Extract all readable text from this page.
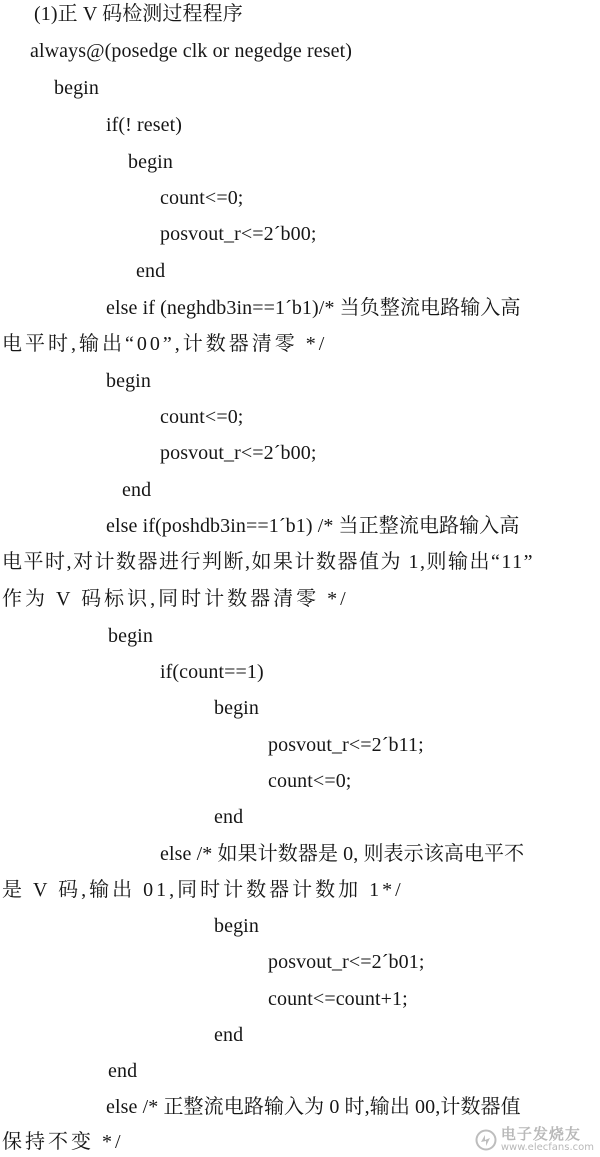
(1)正 V 码检测过程程序
always@(posedge clk or negedge reset)
begin
if(! reset)
begin
count<=0;
posvout_r<=2´b00;
end
else if (neghdb3in==1´b1)/* 当负整流电路输入高
电平时,输出“00”,计数器清零 */
begin
count<=0;
posvout_r<=2´b00;
end
else if(poshdb3in==1´b1) /* 当正整流电路输入高
电平时,对计数器进行判断,如果计数器值为 1,则输出“11”
作为 V 码标识,同时计数器清零 */
begin
if(count==1)
begin
posvout_r<=2´b11;
count<=0;
end
else /* 如果计数器是 0, 则表示该高电平不
是 V 码,输出 01,同时计数器计数加 1*/
begin
posvout_r<=2´b01;
count<=count+1;
end
end
else /* 正整流电路输入为 0 时,输出 00,计数器值
保持不变 */	电子发烧友
www.elecfans.com
